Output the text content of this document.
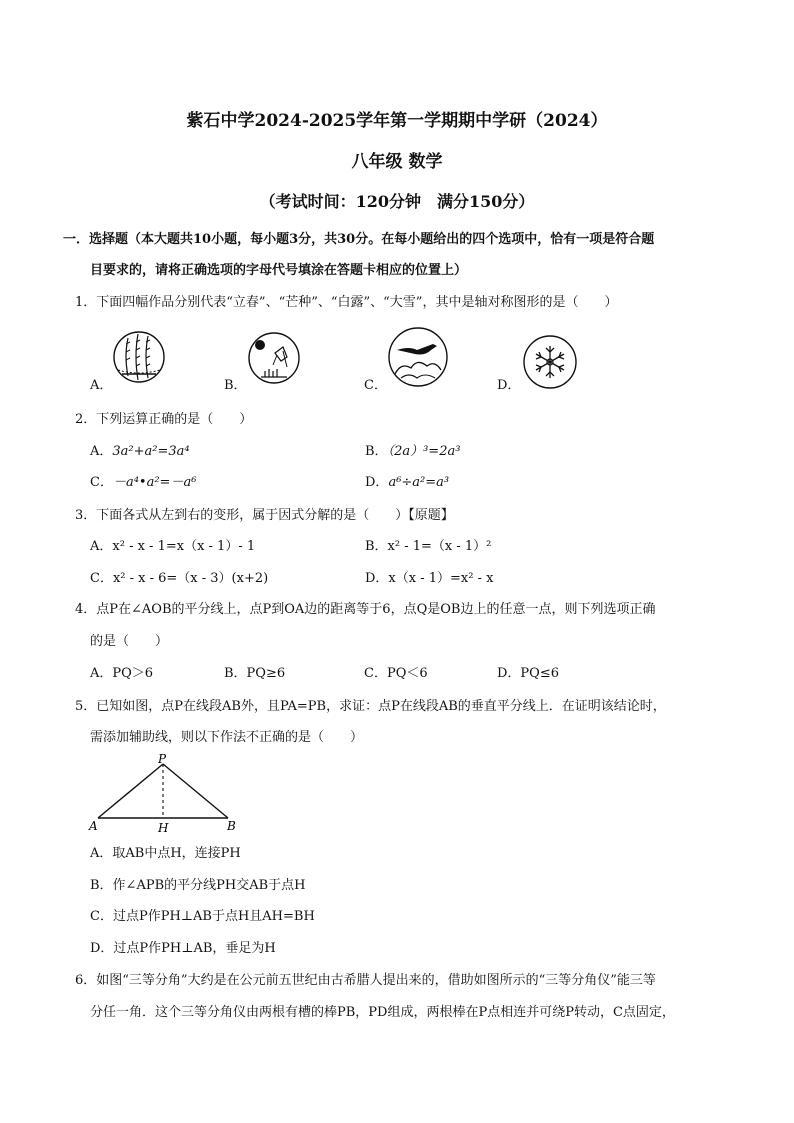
紫石中学2024-2025学年第一学期期中学研（2024）
八年级 数学
（考试时间：120分钟　满分150分）
一．选择题（本大题共10小题，每小题3分，共30分。在每小题给出的四个选项中，恰有一项是符合题
目要求的，请将正确选项的字母代号填涂在答题卡相应的位置上）
1．下面四幅作品分别代表“立春”、“芒种”、“白露”、“大雪”，其中是轴对称图形的是（　　）
A．	B．	C．	D．
2．下列运算正确的是（　　）
A．3a²+a²=3a⁴	B．（2a）³=2a³
C．－a⁴•a²=－a⁶	D．a⁶÷a²=a³
3．下面各式从左到右的变形，属于因式分解的是（　　）【原题】
A．x² - x - 1=x（x - 1）- 1	B．x² - 1=（x - 1）²
C．x² - x - 6=（x - 3）(x+2)	D．x（x - 1）=x² - x
4．点P在∠AOB的平分线上，点P到OA边的距离等于6，点Q是OB边上的任意一点，则下列选项正确
的是（　　）
A．PQ＞6	B．PQ≥6	C．PQ＜6	D．PQ≤6
5．已知如图，点P在线段AB外，且PA=PB，求证：点P在线段AB的垂直平分线上．在证明该结论时，
需添加辅助线，则以下作法不正确的是（　　）
P
A	H	B
A．取AB中点H，连接PH
B．作∠APB的平分线PH交AB于点H
C．过点P作PH⊥AB于点H且AH=BH
D．过点P作PH⊥AB，垂足为H
6．如图“三等分角”大约是在公元前五世纪由古希腊人提出来的，借助如图所示的“三等分角仪”能三等
分任一角．这个三等分角仪由两根有槽的棒PB，PD组成，两根棒在P点相连并可绕P转动，C点固定，
